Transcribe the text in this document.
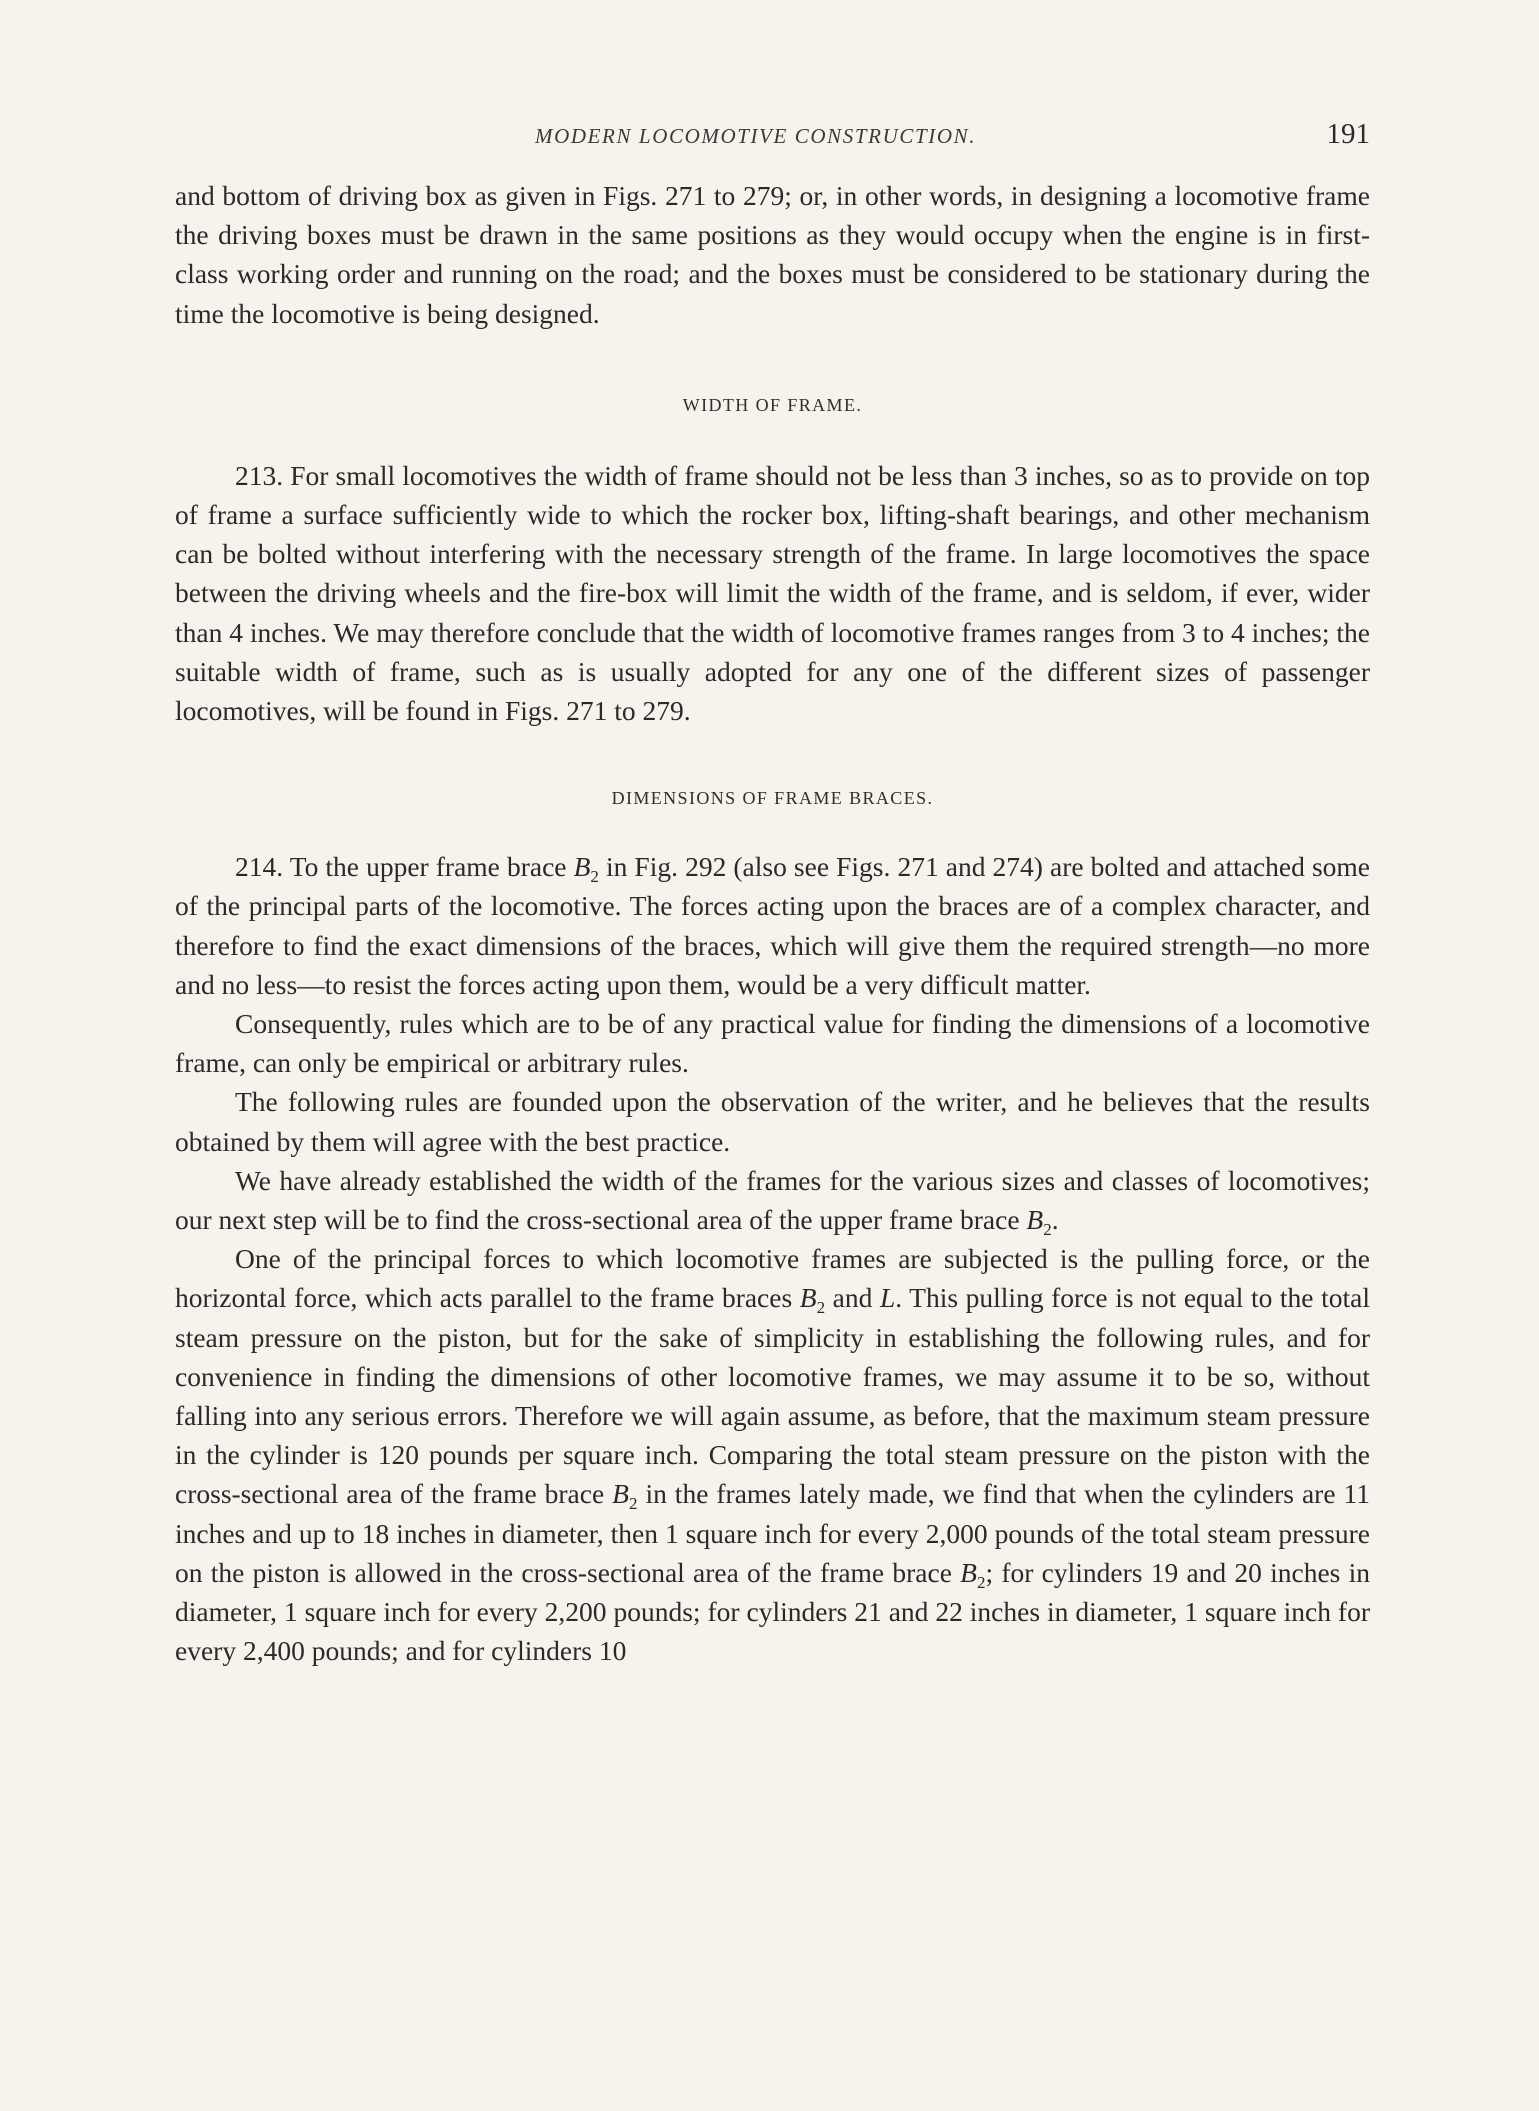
MODERN LOCOMOTIVE CONSTRUCTION.	191

and bottom of driving box as given in Figs. 271 to 279; or, in other words, in designing a locomotive frame the driving boxes must be drawn in the same positions as they would occupy when the engine is in first-class working order and running on the road; and the boxes must be considered to be stationary during the time the locomotive is being designed.

WIDTH OF FRAME.

213. For small locomotives the width of frame should not be less than 3 inches, so as to provide on top of frame a surface sufficiently wide to which the rocker box, lifting-shaft bearings, and other mechanism can be bolted without interfering with the necessary strength of the frame. In large locomotives the space between the driving wheels and the fire-box will limit the width of the frame, and is seldom, if ever, wider than 4 inches. We may therefore conclude that the width of locomotive frames ranges from 3 to 4 inches; the suitable width of frame, such as is usually adopted for any one of the different sizes of passenger locomotives, will be found in Figs. 271 to 279.

DIMENSIONS OF FRAME BRACES.

214. To the upper frame brace $B_2$ in Fig. 292 (also see Figs. 271 and 274) are bolted and attached some of the principal parts of the locomotive. The forces acting upon the braces are of a complex character, and therefore to find the exact dimensions of the braces, which will give them the required strength—no more and no less—to resist the forces acting upon them, would be a very difficult matter.

Consequently, rules which are to be of any practical value for finding the dimensions of a locomotive frame, can only be empirical or arbitrary rules.

The following rules are founded upon the observation of the writer, and he believes that the results obtained by them will agree with the best practice.

We have already established the width of the frames for the various sizes and classes of locomotives; our next step will be to find the cross-sectional area of the upper frame brace $B_2$.

One of the principal forces to which locomotive frames are subjected is the pulling force, or the horizontal force, which acts parallel to the frame braces $B_2$ and L. This pulling force is not equal to the total steam pressure on the piston, but for the sake of simplicity in establishing the following rules, and for convenience in finding the dimensions of other locomotive frames, we may assume it to be so, without falling into any serious errors. Therefore we will again assume, as before, that the maximum steam pressure in the cylinder is 120 pounds per square inch. Comparing the total steam pressure on the piston with the cross-sectional area of the frame brace $B_2$ in the frames lately made, we find that when the cylinders are 11 inches and up to 18 inches in diameter, then 1 square inch for every 2,000 pounds of the total steam pressure on the piston is allowed in the cross-sectional area of the frame brace $B_2$; for cylinders 19 and 20 inches in diameter, 1 square inch for every 2,200 pounds; for cylinders 21 and 22 inches in diameter, 1 square inch for every 2,400 pounds; and for cylinders 10
